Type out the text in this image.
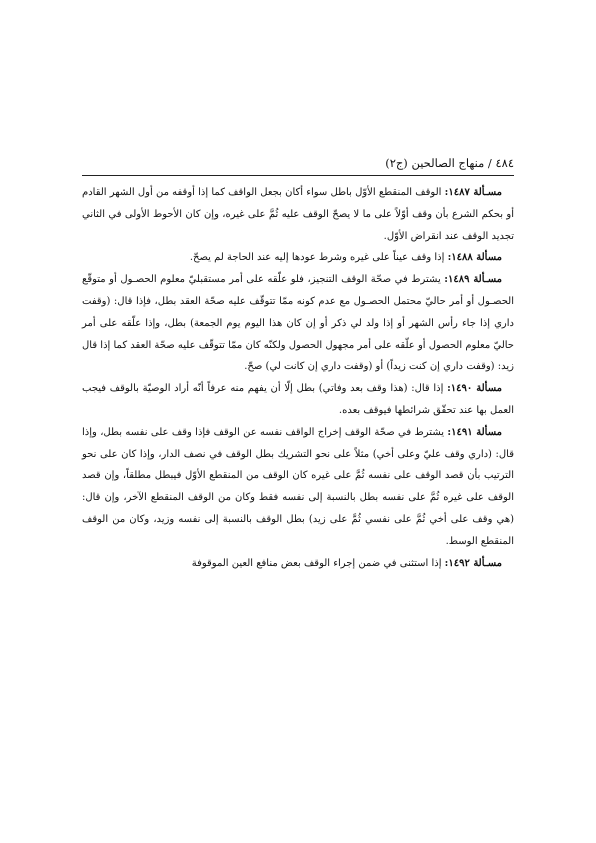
٤٨٤ / منهاج الصالحين (ج٢)

مسـألة ١٤٨٧: الوقف المنقطع الأوّل باطل سواء أكان بجعل الواقف كما إذا أوقفه من أول الشهر القادم أو بحكم الشرع بأن وقف أوّلاً على ما لا يصحّ الوقف عليه ثُمَّ على غيره، وإن كان الأحوط الأولى في الثاني تجديد الوقف عند انقراض الأوّل.

مسألة ١٤٨٨: إذا وقف عيناً على غيره وشرط عودها إليه عند الحاجة لم يصحّ.

مسـألة ١٤٨٩: يشترط في صحّة الوقف التنجيز، فلو علّقه على أمر مستقبليّ معلوم الحصـول أو متوقّع الحصـول أو أمر حاليّ محتمل الحصـول مع عدم كونه ممّا تتوقّف عليه صحّة العقد بطل، فإذا قال: (وقفت داري إذا جاء رأس الشهر أو إذا ولد لي ذكر أو إن كان هذا اليوم يوم الجمعة) بطل، وإذا علّقه على أمر حاليّ معلوم الحصول أو علّقه على أمر مجهول الحصول ولكنّه كان ممّا تتوقّف عليه صحّة العقد كما إذا قال زيد: (وقفت داري إن كنت زيداً) أو (وقفت داري إن كانت لي) صحّ.

مسألة ١٤٩٠: إذا قال: (هذا وقف بعد وفاتي) بطل إلّا أن يفهم منه عرفاً أنّه أراد الوصيّة بالوقف فيجب العمل بها عند تحقّق شرائطها فيوقف بعده.

مسألة ١٤٩١: يشترط في صحّة الوقف إخراج الواقف نفسه عن الوقف فإذا وقف على نفسه بطل، وإذا قال: (داري وقف عليّ وعلى أخي) مثلاً على نحو التشريك بطل الوقف في نصف الدار، وإذا كان على نحو الترتيب بأن قصد الوقف على نفسه ثُمَّ على غيره كان الوقف من المنقطع الأوّل فيبطل مطلقاً، وإن قصد الوقف على غيره ثُمَّ على نفسه بطل بالنسبة إلى نفسه فقط وكان من الوقف المنقطع الآخر، وإن قال: (هي وقف على أخي ثُمَّ على نفسي ثُمَّ على زيد) بطل الوقف بالنسبة إلى نفسه وزيد، وكان من الوقف المنقطع الوسط.

مسـألة ١٤٩٢: إذا استثنى في ضمن إجراء الوقف بعض منافع العين الموقوفة
